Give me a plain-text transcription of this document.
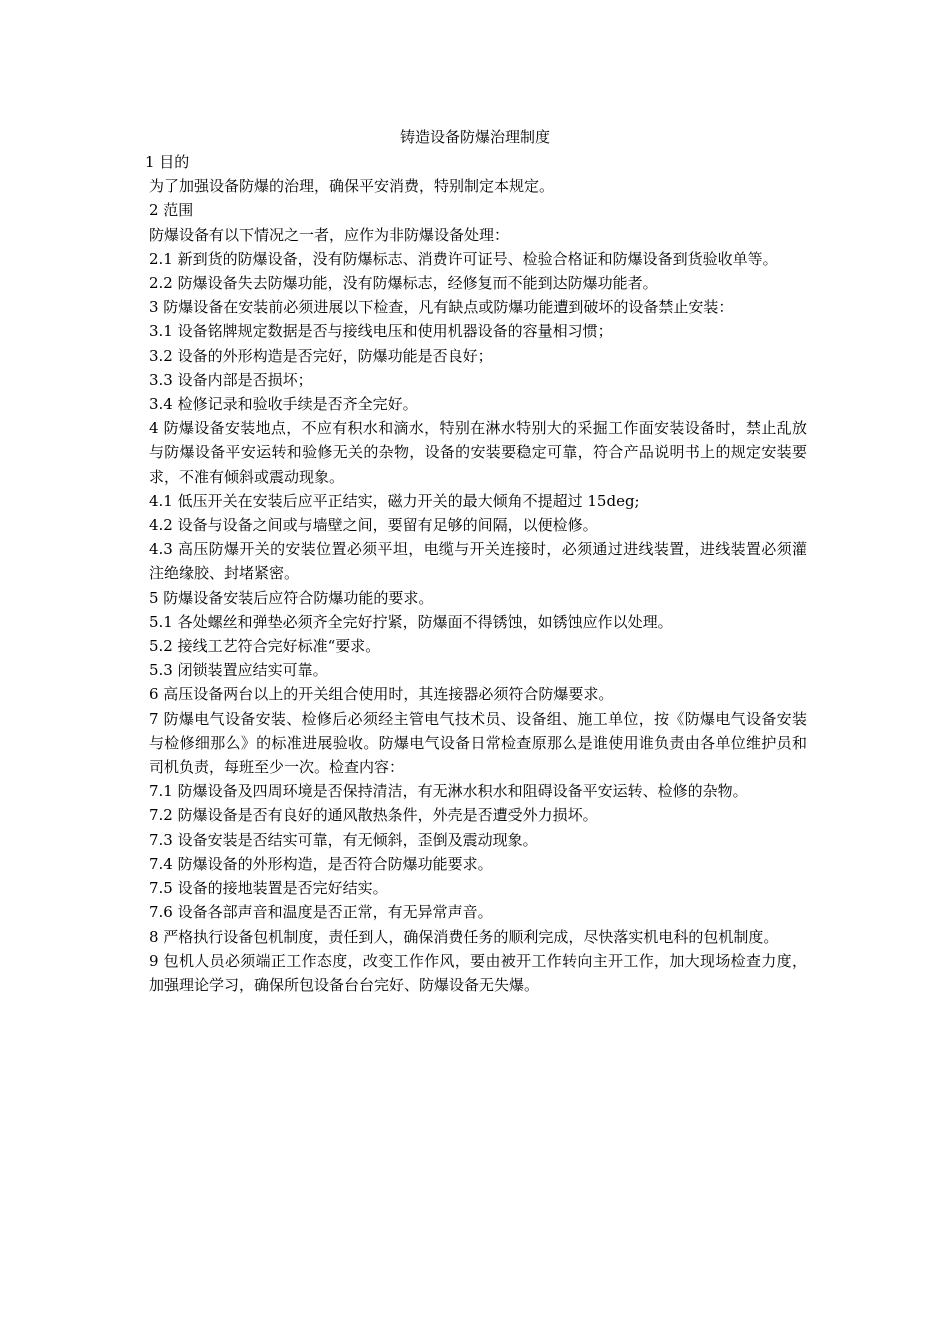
铸造设备防爆治理制度

1 目的

为了加强设备防爆的治理，确保平安消费，特别制定本规定。

2 范围

防爆设备有以下情况之一者，应作为非防爆设备处理：

2.1 新到货的防爆设备，没有防爆标志、消费许可证号、检验合格证和防爆设备到货验收单等。

2.2 防爆设备失去防爆功能，没有防爆标志，经修复而不能到达防爆功能者。

3 防爆设备在安装前必须进展以下检查，凡有缺点或防爆功能遭到破坏的设备禁止安装：

3.1 设备铭牌规定数据是否与接线电压和使用机器设备的容量相习惯；

3.2 设备的外形构造是否完好，防爆功能是否良好；

3.3 设备内部是否损坏；

3.4 检修记录和验收手续是否齐全完好。

4 防爆设备安装地点，不应有积水和滴水，特别在淋水特别大的采掘工作面安装设备时，禁止乱放与防爆设备平安运转和验修无关的杂物，设备的安装要稳定可靠，符合产品说明书上的规定安装要求，不准有倾斜或震动现象。

4.1 低压开关在安装后应平正结实，磁力开关的最大倾角不提超过 15deg;

4.2 设备与设备之间或与墙壁之间，要留有足够的间隔，以便检修。

4.3 高压防爆开关的安装位置必须平坦，电缆与开关连接时，必须通过进线装置，进线装置必须灌注绝缘胶、封堵紧密。

5 防爆设备安装后应符合防爆功能的要求。

5.1 各处螺丝和弹垫必须齐全完好拧紧，防爆面不得锈蚀，如锈蚀应作以处理。

5.2 接线工艺符合完好标准“要求。

5.3 闭锁装置应结实可靠。

6 高压设备两台以上的开关组合使用时，其连接器必须符合防爆要求。

7 防爆电气设备安装、检修后必须经主管电气技术员、设备组、施工单位，按《防爆电气设备安装与检修细那么》的标准进展验收。防爆电气设备日常检查原那么是谁使用谁负责由各单位维护员和司机负责，每班至少一次。检查内容：

7.1 防爆设备及四周环境是否保持清洁，有无淋水积水和阻碍设备平安运转、检修的杂物。

7.2 防爆设备是否有良好的通风散热条件，外壳是否遭受外力损坏。

7.3 设备安装是否结实可靠，有无倾斜，歪倒及震动现象。

7.4 防爆设备的外形构造，是否符合防爆功能要求。

7.5 设备的接地装置是否完好结实。

7.6 设备各部声音和温度是否正常，有无异常声音。

8 严格执行设备包机制度，责任到人，确保消费任务的顺利完成，尽快落实机电科的包机制度。

9 包机人员必须端正工作态度，改变工作作风，要由被开工作转向主开工作，加大现场检查力度，加强理论学习，确保所包设备台台完好、防爆设备无失爆。
